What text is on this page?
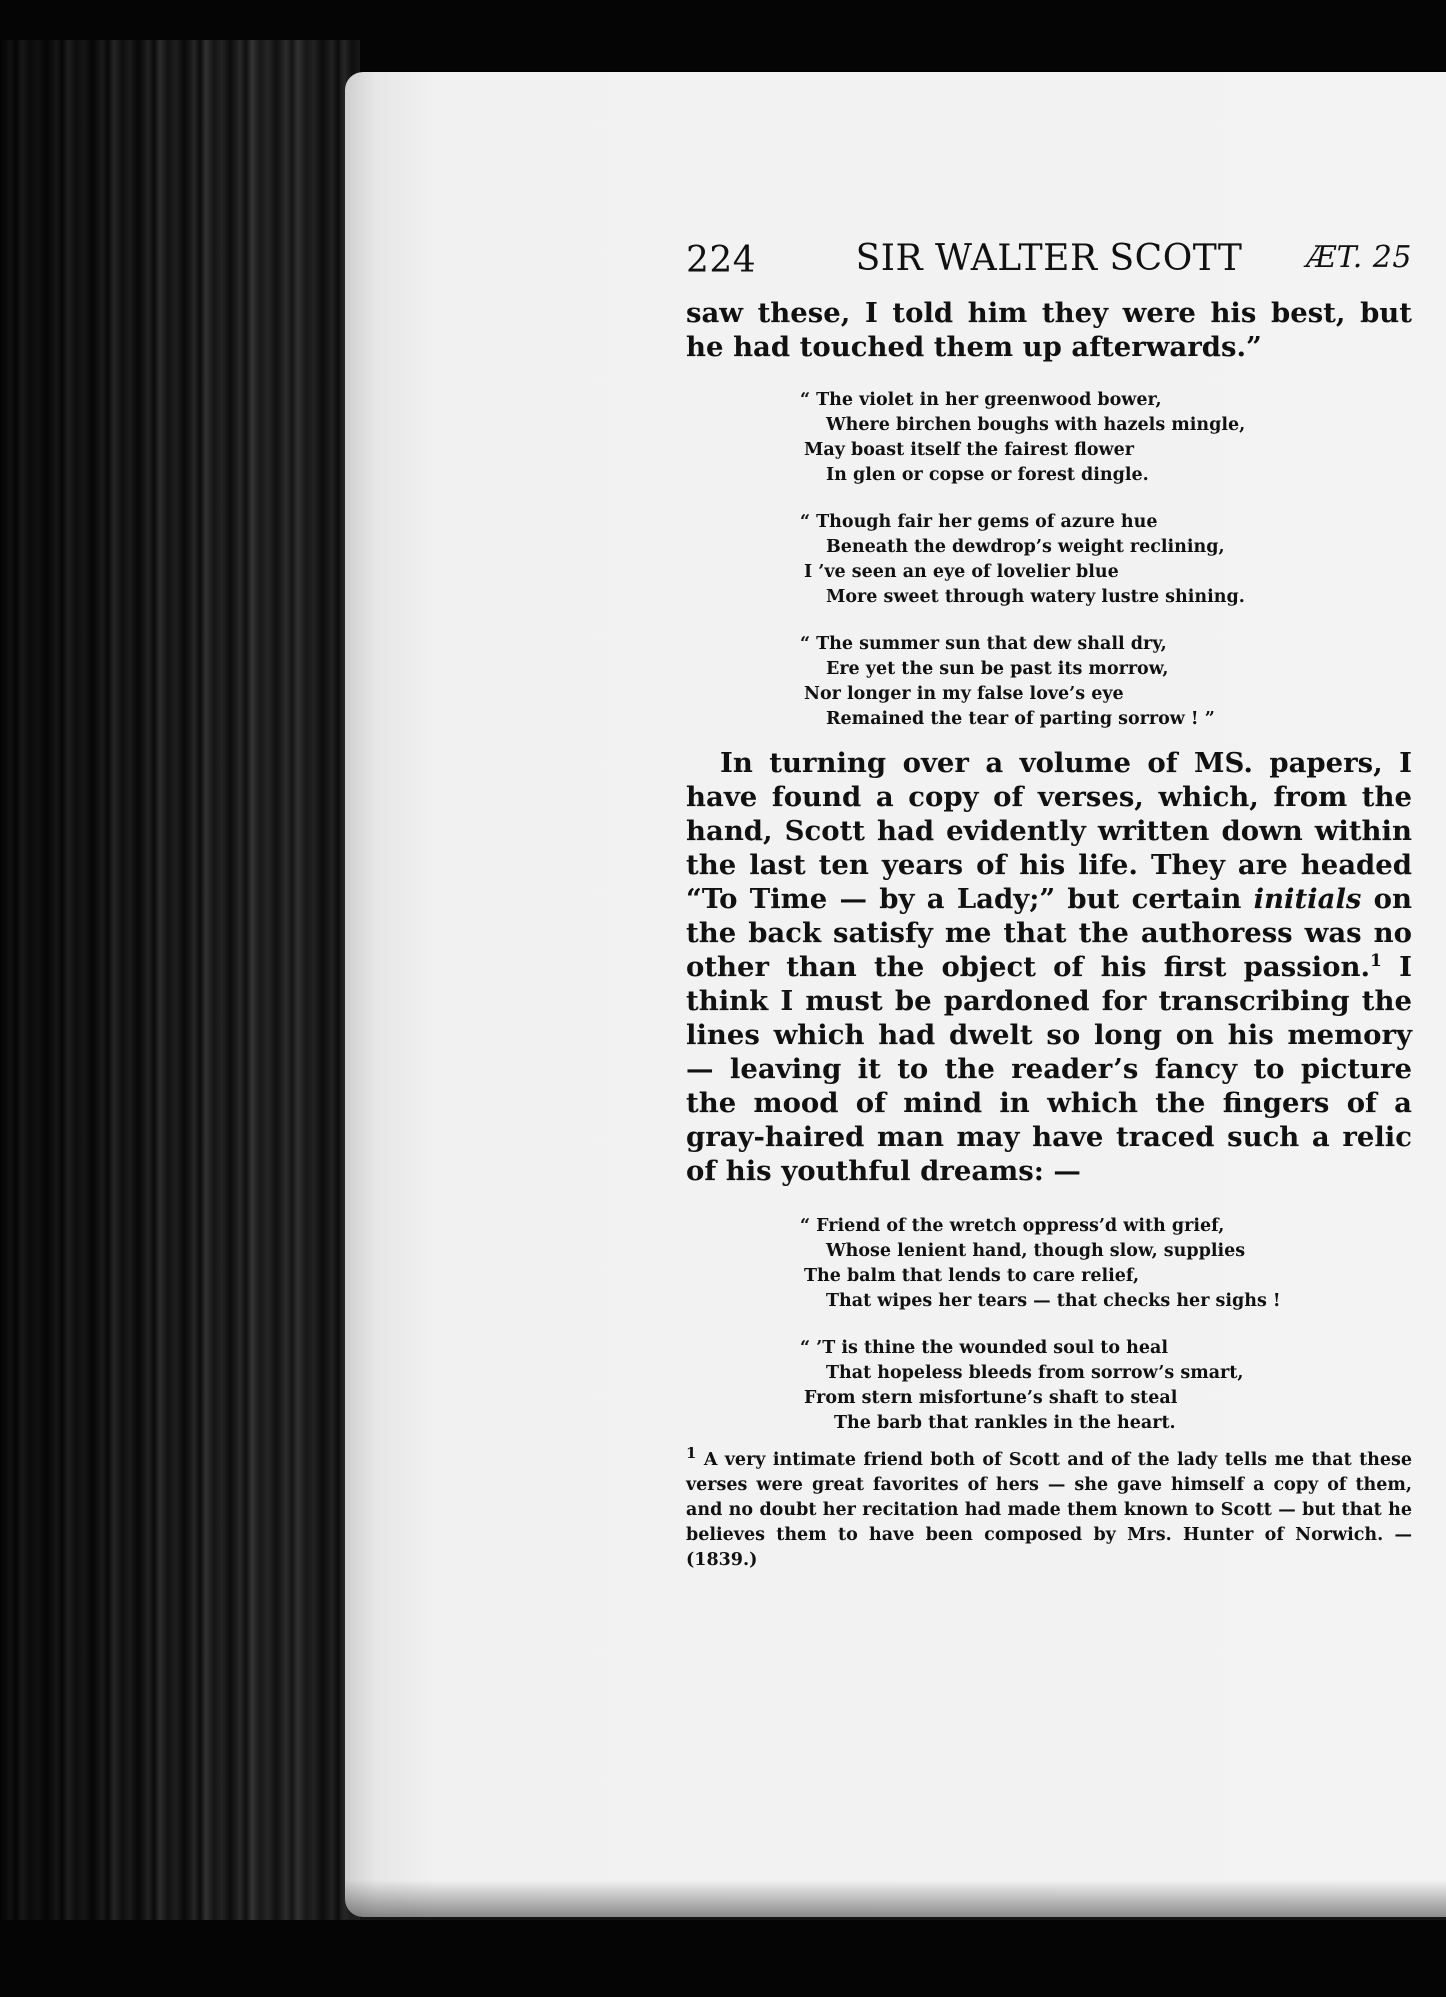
224	SIR WALTER SCOTT	ÆT. 25

saw these, I told him they were his best, but he had touched them up afterwards.”

“ The violet in her greenwood bower,
Where birchen boughs with hazels mingle,
May boast itself the fairest flower
In glen or copse or forest dingle.
“ Though fair her gems of azure hue
Beneath the dewdrop’s weight reclining,
I ’ve seen an eye of lovelier blue
More sweet through watery lustre shining.
“ The summer sun that dew shall dry,
Ere yet the sun be past its morrow,
Nor longer in my false love’s eye
Remained the tear of parting sorrow ! ”

In turning over a volume of MS. papers, I have found a copy of verses, which, from the hand, Scott had evidently written down within the last ten years of his life. They are headed “To Time — by a Lady;” but certain initials on the back satisfy me that the authoress was no other than the object of his first passion.$^1$ I think I must be pardoned for transcribing the lines which had dwelt so long on his memory — leaving it to the reader’s fancy to picture the mood of mind in which the fingers of a gray-haired man may have traced such a relic of his youthful dreams: —

“ Friend of the wretch oppress’d with grief,
Whose lenient hand, though slow, supplies
The balm that lends to care relief,
That wipes her tears — that checks her sighs !
“ ’T is thine the wounded soul to heal
That hopeless bleeds from sorrow’s smart,
From stern misfortune’s shaft to steal
The barb that rankles in the heart.
1 A very intimate friend both of Scott and of the lady tells me that these verses were great favorites of hers — she gave himself a copy of them, and no doubt her recitation had made them known to Scott — but that he believes them to have been composed by Mrs. Hunter of Norwich. — (1839.)
